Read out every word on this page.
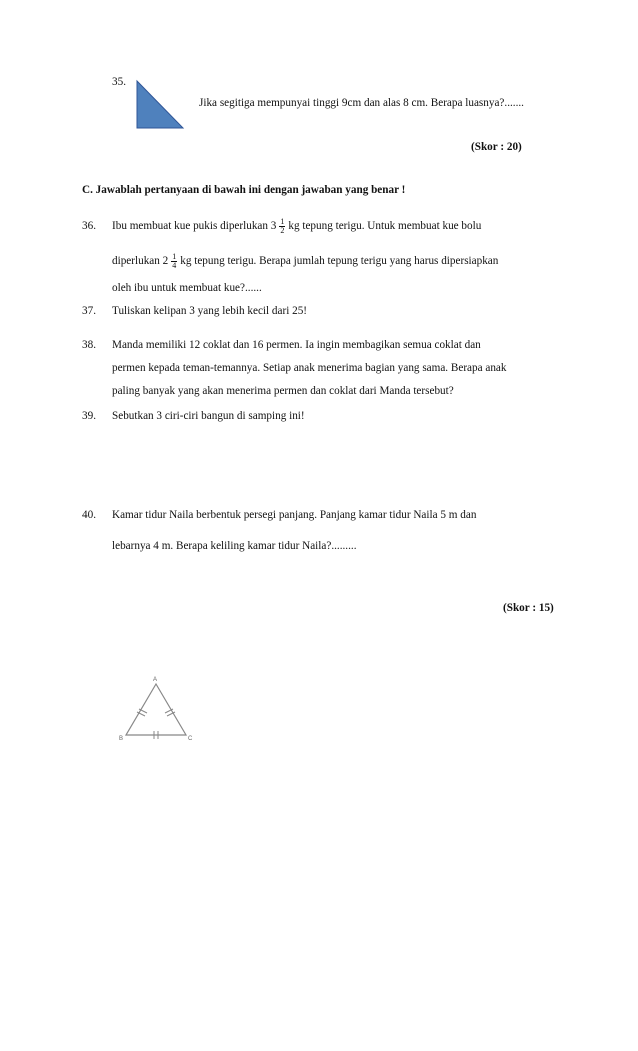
35.
Jika segitiga mempunyai tinggi 9cm dan alas 8 cm. Berapa luasnya?.......
(Skor : 20)
C. Jawablah pertanyaan di bawah ini dengan jawaban yang benar !
36. Ibu membuat kue pukis diperlukan $3 \frac{1}{2}$ kg tepung terigu. Untuk membuat kue bolu
diperlukan $2 \frac{1}{4}$ kg tepung terigu. Berapa jumlah tepung terigu yang harus dipersiapkan
oleh ibu untuk membuat kue?......
37. Tuliskan kelipan 3 yang lebih kecil dari 25!
38. Manda memiliki 12 coklat dan 16 permen. Ia ingin membagikan semua coklat dan
permen kepada teman-temannya. Setiap anak menerima bagian yang sama. Berapa anak
paling banyak yang akan menerima permen dan coklat dari Manda tersebut?
39. Sebutkan 3 ciri-ciri bangun di samping ini!
40. Kamar tidur Naila berbentuk persegi panjang. Panjang kamar tidur Naila 5 m dan
lebarnya 4 m. Berapa keliling kamar tidur Naila?.........
(Skor : 15)
A
B	C
